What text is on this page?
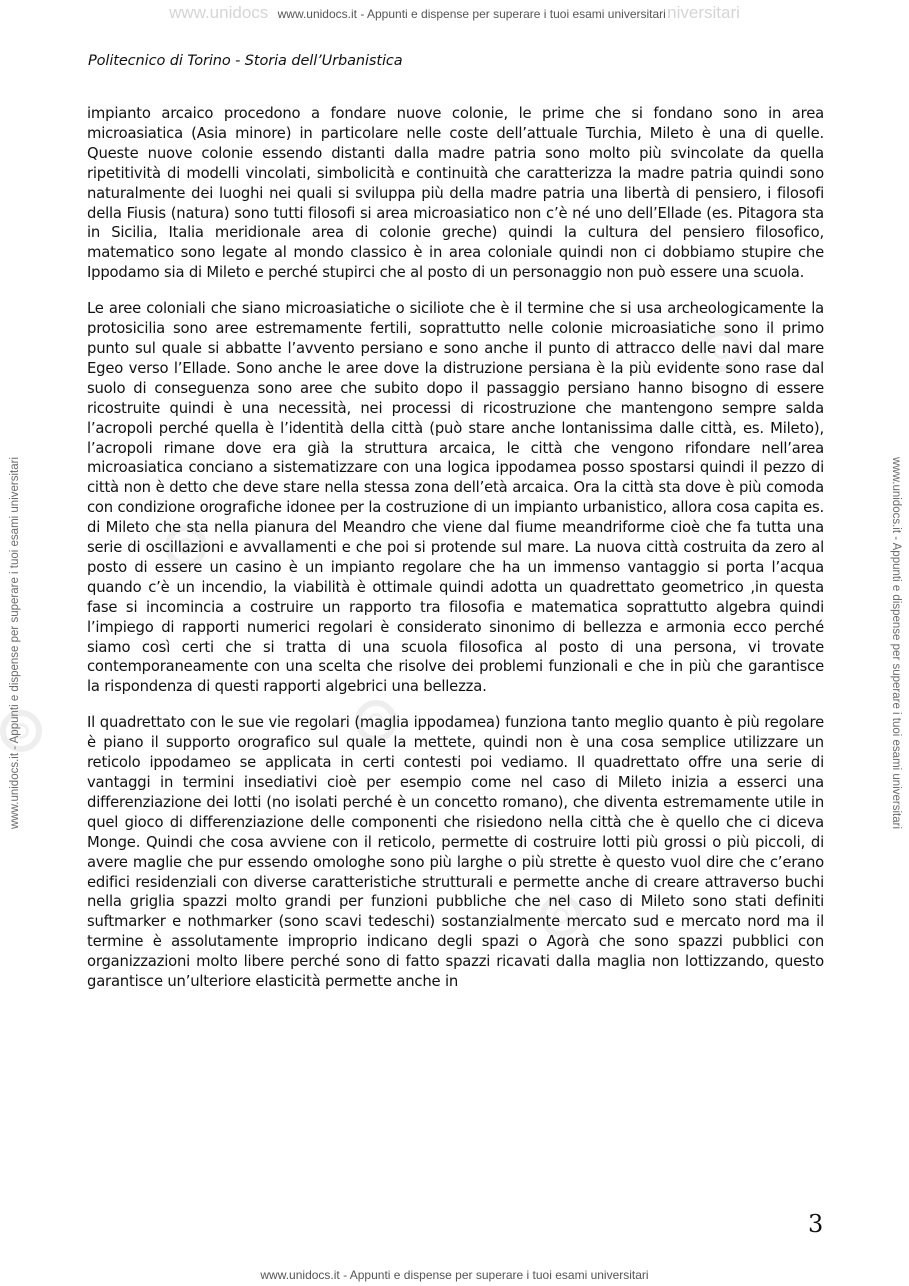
www.unidocs www.unidocs.it - Appunti e dispense per superare i tuoi esami universitari niversitari
www.unidocs.it - Appunti e dispense per superare i tuoi esami universitari	www.unidocs.it - Appunti e dispense per superare i tuoi esami universitari
Politecnico di Torino - Storia dell’Urbanistica

impianto arcaico procedono a fondare nuove colonie, le prime che si fondano sono in area microasiatica (Asia minore) in particolare nelle coste dell’attuale Turchia, Mileto è una di quelle. Queste nuove colonie essendo distanti dalla madre patria sono molto più svincolate da quella ripetitività di modelli vincolati, simbolicità e continuità che caratterizza la madre patria quindi sono naturalmente dei luoghi nei quali si sviluppa più della madre patria una libertà di pensiero, i filosofi della Fiusis (natura) sono tutti filosofi si area microasiatico non c’è né uno dell’Ellade (es. Pitagora sta in Sicilia, Italia meridionale area di colonie greche) quindi la cultura del pensiero filosofico, matematico sono legate al mondo classico è in area coloniale quindi non ci dobbiamo stupire che Ippodamo sia di Mileto e perché stupirci che al posto di un personaggio non può essere una scuola.

Le aree coloniali che siano microasiatiche o siciliote che è il termine che si usa archeologicamente la protosicilia sono aree estremamente fertili, soprattutto nelle colonie microasiatiche sono il primo punto sul quale si abbatte l’avvento persiano e sono anche il punto di attracco delle navi dal mare Egeo verso l’Ellade. Sono anche le aree dove la distruzione persiana è la più evidente sono rase dal suolo di conseguenza sono aree che subito dopo il passaggio persiano hanno bisogno di essere ricostruite quindi è una necessità, nei processi di ricostruzione che mantengono sempre salda l’acropoli perché quella è l’identità della città (può stare anche lontanissima dalle città, es. Mileto), l’acropoli rimane dove era già la struttura arcaica, le città che vengono rifondare nell’area microasiatica conciano a sistematizzare con una logica ippodamea posso spostarsi quindi il pezzo di città non è detto che deve stare nella stessa zona dell’età arcaica. Ora la città sta dove è più comoda con condizione orografiche idonee per la costruzione di un impianto urbanistico, allora cosa capita es. di Mileto che sta nella pianura del Meandro che viene dal fiume meandriforme cioè che fa tutta una serie di oscillazioni e avvallamenti e che poi si protende sul mare. La nuova città costruita da zero al posto di essere un casino è un impianto regolare che ha un immenso vantaggio si porta l’acqua quando c’è un incendio, la viabilità è ottimale quindi adotta un quadrettato geometrico ,in questa fase si incomincia a costruire un rapporto tra filosofia e matematica soprattutto algebra quindi l’impiego di rapporti numerici regolari è considerato sinonimo di bellezza e armonia ecco perché siamo così certi che si tratta di una scuola filosofica al posto di una persona, vi trovate contemporaneamente con una scelta che risolve dei problemi funzionali e che in più che garantisce la rispondenza di questi rapporti algebrici una bellezza.

Il quadrettato con le sue vie regolari (maglia ippodamea) funziona tanto meglio quanto è più regolare è piano il supporto orografico sul quale la mettete, quindi non è una cosa semplice utilizzare un reticolo ippodameo se applicata in certi contesti poi vediamo. Il quadrettato offre una serie di vantaggi in termini insediativi cioè per esempio come nel caso di Mileto inizia a esserci una differenziazione dei lotti (no isolati perché è un concetto romano), che diventa estremamente utile in quel gioco di differenziazione delle componenti che risiedono nella città che è quello che ci diceva Monge. Quindi che cosa avviene con il reticolo, permette di costruire lotti più grossi o più piccoli, di avere maglie che pur essendo omologhe sono più larghe o più strette è questo vuol dire che c’erano edifici residenziali con diverse caratteristiche strutturali e permette anche di creare attraverso buchi nella griglia spazzi molto grandi per funzioni pubbliche che nel caso di Mileto sono stati definiti suftmarker e nothmarker (sono scavi tedeschi) sostanzialmente mercato sud e mercato nord ma il termine è assolutamente improprio indicano degli spazi o Agorà che sono spazzi pubblici con organizzazioni molto libere perché sono di fatto spazzi ricavati dalla maglia non lottizzando, questo garantisce un’ulteriore elasticità permette anche in

3
www.unidocs.it - Appunti e dispense per superare i tuoi esami universitari
